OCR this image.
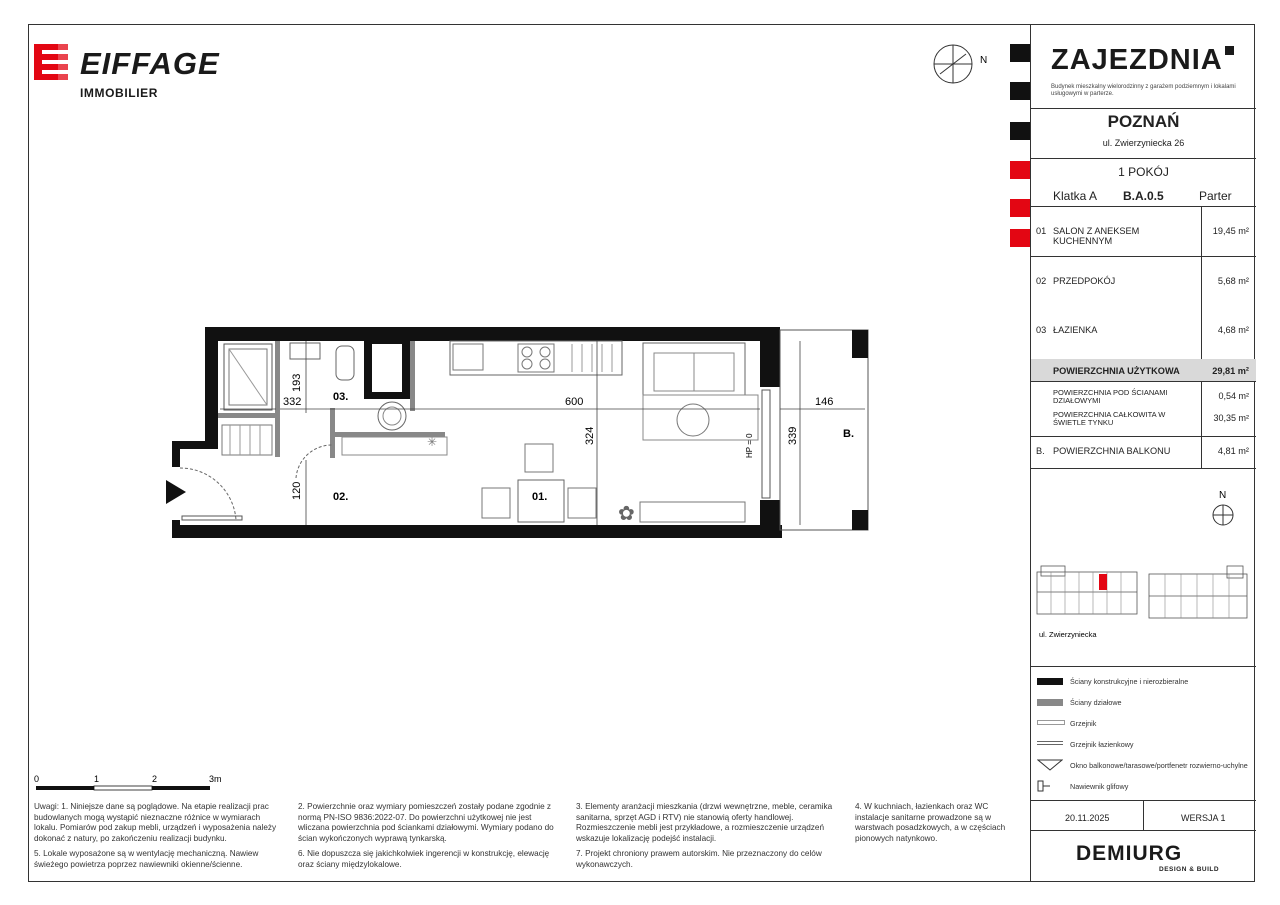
EIFFAGE
IMMOBILIER
N
✿
✳
600
332	146
324
193
120
339
HP = 0
03.
02.	01.
B.
0	1	2	3m

Uwagi: 1. Niniejsze dane są poglądowe. Na etapie realizacji prac budowlanych mogą wystąpić nieznaczne różnice w wymiarach lokalu. Pomiarów pod zakup mebli, urządzeń i wyposażenia należy dokonać z natury, po zakończeniu realizacji budynku.

5. Lokale wyposażone są w wentylację mechaniczną. Nawiew świeżego powietrza poprzez nawiewniki okienne/ścienne.

2. Powierzchnie oraz wymiary pomieszczeń zostały podane zgodnie z normą PN-ISO 9836:2022-07. Do powierzchni użytkowej nie jest wliczana powierzchnia pod ściankami działowymi. Wymiary podano do ścian wykończonych wyprawą tynkarską.

6. Nie dopuszcza się jakichkolwiek ingerencji w konstrukcję, elewację oraz ściany międzylokalowe.

3. Elementy aranżacji mieszkania (drzwi wewnętrzne, meble, ceramika sanitarna, sprzęt AGD i RTV) nie stanowią oferty handlowej. Rozmieszczenie mebli jest przykładowe, a rozmieszczenie urządzeń wskazuje lokalizację podejść instalacji.

7. Projekt chroniony prawem autorskim. Nie przeznaczony do celów wykonawczych.

4. W kuchniach, łazienkach oraz WC instalacje sanitarne prowadzone są w warstwach posadzkowych, a w częściach pionowych natynkowo.

ZAJEZDNIA
Budynek mieszkalny wielorodzinny z garażem podziemnym i lokalami usługowymi w parterze.
POZNAŃ
ul. Zwierzyniecka 26
1 POKÓJ
Klatka A B.A.0.5	Parter
01 SALON Z ANEKSEM KUCHENNYM
19,45 m²
02 PRZEDPOKÓJ	5,68 m²
03 ŁAZIENKA	4,68 m²
POWIERZCHNIA UŻYTKOWA	29,81 m²
POWIERZCHNIA POD ŚCIANAMI DZIAŁOWYMI	0,54 m²
POWIERZCHNIA CAŁKOWITA W ŚWIETLE TYNKU	30,35 m²
B. POWIERZCHNIA BALKONU	4,81 m²
N
ul. Zwierzyniecka
Ściany konstrukcyjne i nierozbieralne
Ściany działowe
Grzejnik
Grzejnik łazienkowy
Okno balkonowe/tarasowe/portfenetr rozwierno-uchylne
Nawiewnik glifowy
20.11.2025	WERSJA 1
DEMIURG
DESIGN & BUILD
